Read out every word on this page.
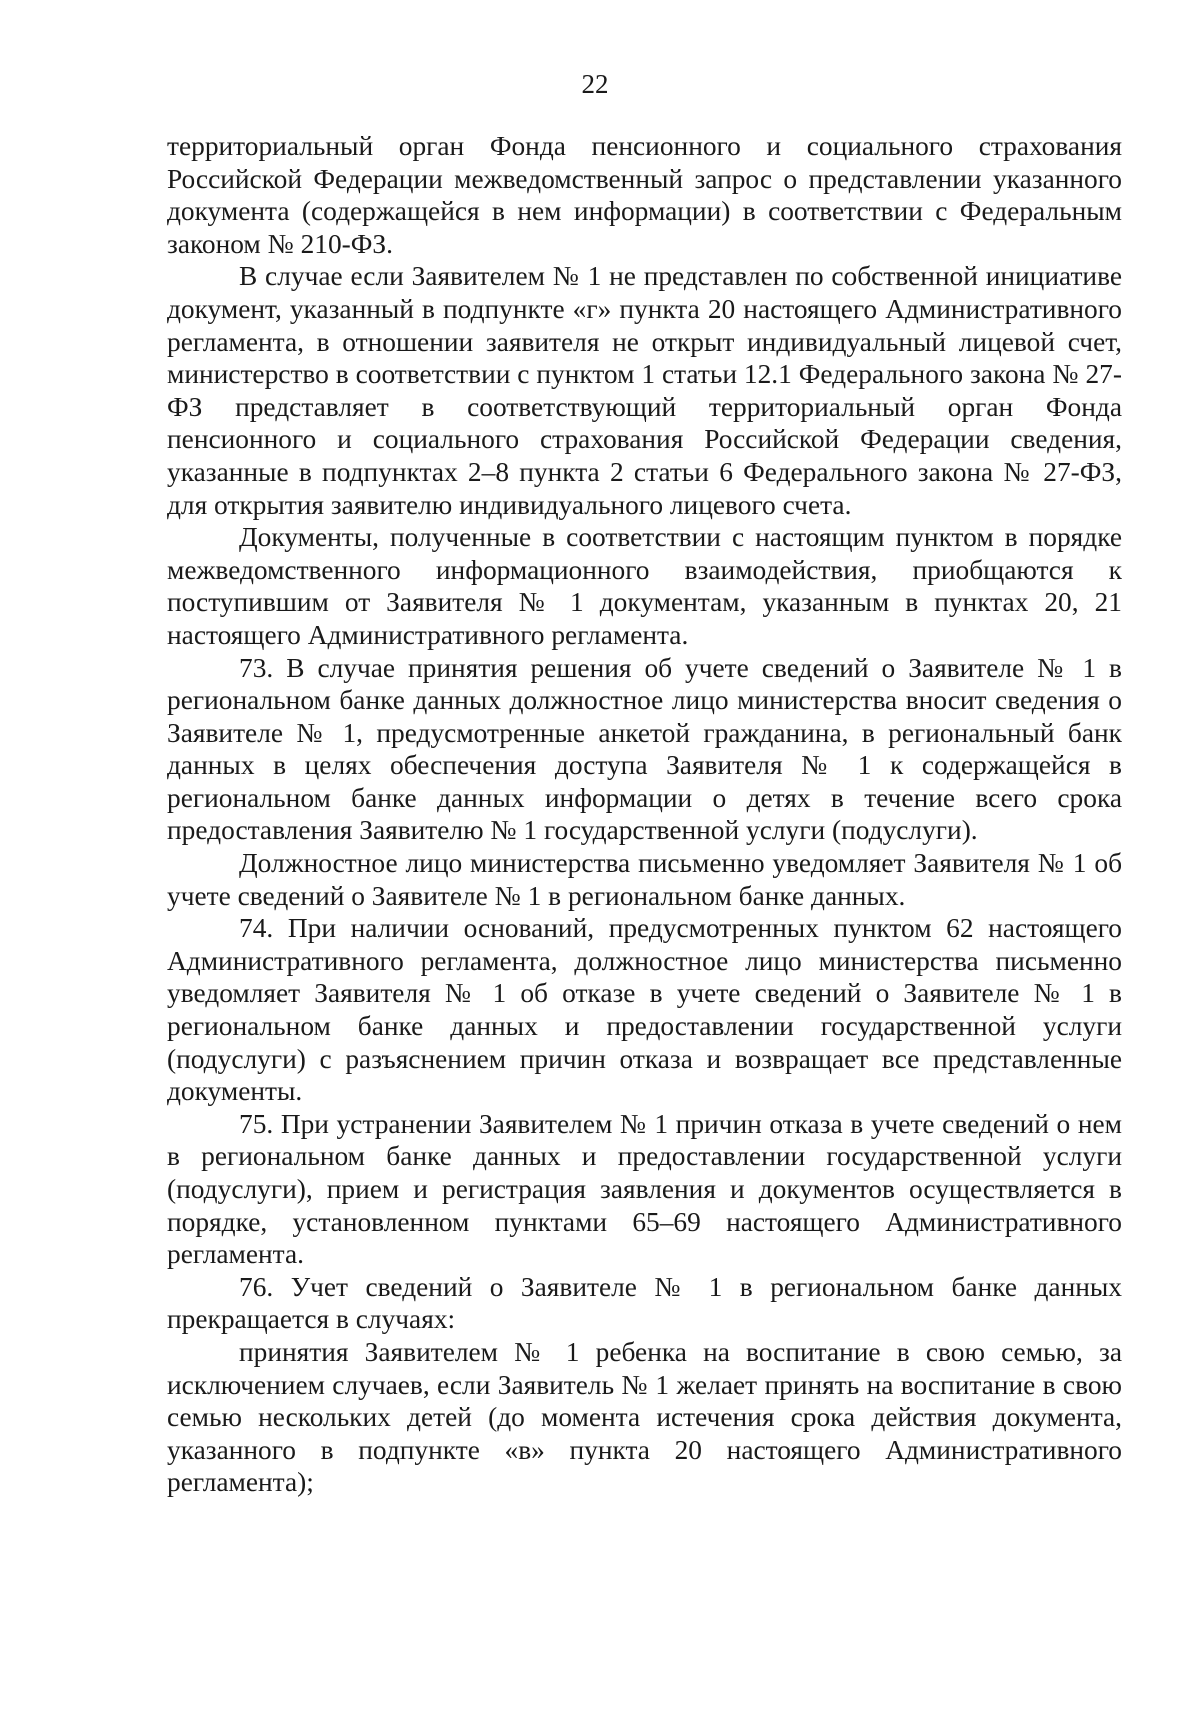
22

территориальный орган Фонда пенсионного и социального страхования Российской Федерации межведомственный запрос о представлении указанного документа (содержащейся в нем информации) в соответствии с Федеральным законом № 210-ФЗ.

В случае если Заявителем № 1 не представлен по собственной инициативе документ, указанный в подпункте «г» пункта 20 настоящего Административного регламента, в отношении заявителя не открыт индивидуальный лицевой счет, министерство в соответствии с пунктом 1 статьи 12.1 Федерального закона № 27-ФЗ представляет в соответствующий территориальный орган Фонда пенсионного и социального страхования Российской Федерации сведения, указанные в подпунктах 2–8 пункта 2 статьи 6 Федерального закона № 27-ФЗ, для открытия заявителю индивидуального лицевого счета.

Документы, полученные в соответствии с настоящим пунктом в порядке межведомственного информационного взаимодействия, приобщаются к поступившим от Заявителя № 1 документам, указанным в пунктах 20, 21 настоящего Административного регламента.

73. В случае принятия решения об учете сведений о Заявителе № 1 в региональном банке данных должностное лицо министерства вносит сведения о Заявителе № 1, предусмотренные анкетой гражданина, в региональный банк данных в целях обеспечения доступа Заявителя № 1 к содержащейся в региональном банке данных информации о детях в течение всего срока предоставления Заявителю № 1 государственной услуги (подуслуги).

Должностное лицо министерства письменно уведомляет Заявителя № 1 об учете сведений о Заявителе № 1 в региональном банке данных.

74. При наличии оснований, предусмотренных пунктом 62 настоящего Административного регламента, должностное лицо министерства письменно уведомляет Заявителя № 1 об отказе в учете сведений о Заявителе № 1 в региональном банке данных и предоставлении государственной услуги (подуслуги) с разъяснением причин отказа и возвращает все представленные документы.

75. При устранении Заявителем № 1 причин отказа в учете сведений о нем в региональном банке данных и предоставлении государственной услуги (подуслуги), прием и регистрация заявления и документов осуществляется в порядке, установленном пунктами 65–69 настоящего Административного регламента.

76. Учет сведений о Заявителе № 1 в региональном банке данных прекращается в случаях:

принятия Заявителем № 1 ребенка на воспитание в свою семью, за исключением случаев, если Заявитель № 1 желает принять на воспитание в свою семью нескольких детей (до момента истечения срока действия документа, указанного в подпункте «в» пункта 20 настоящего Административного регламента);
